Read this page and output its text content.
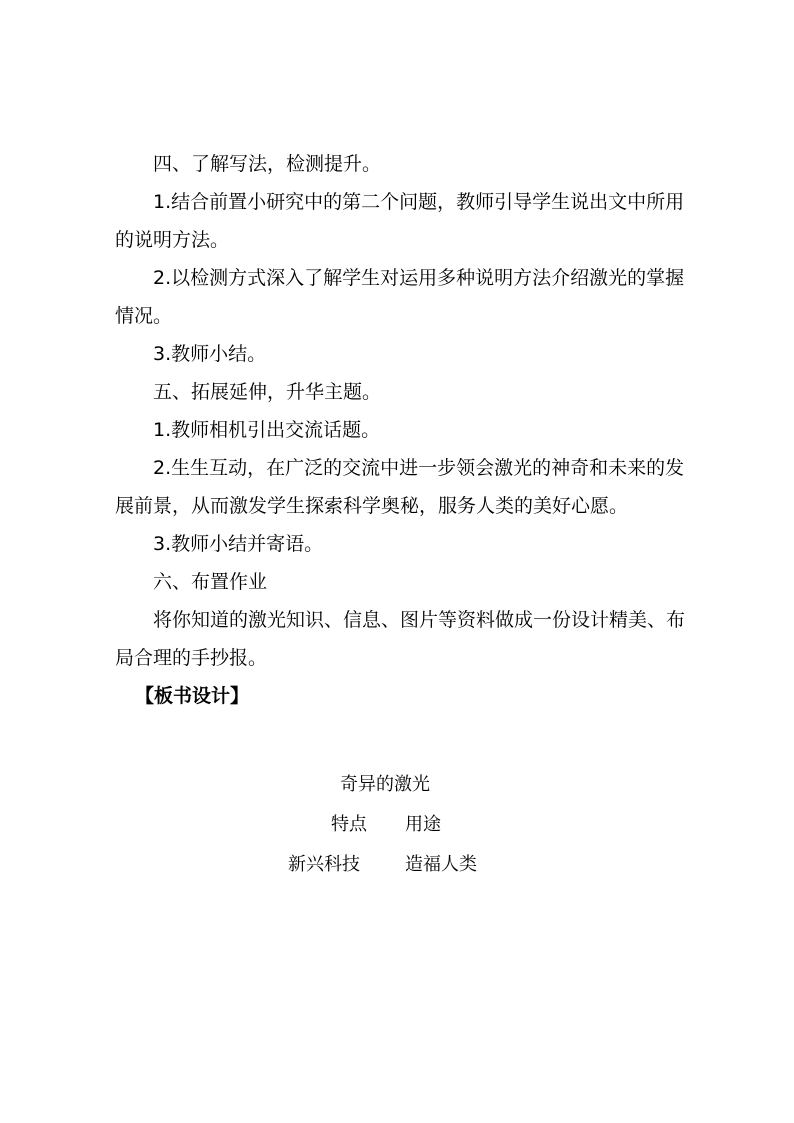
四、了解写法，检测提升。

1.结合前置小研究中的第二个问题，教师引导学生说出文中所用的说明方法。

2.以检测方式深入了解学生对运用多种说明方法介绍激光的掌握情况。

3.教师小结。

五、拓展延伸，升华主题。

1.教师相机引出交流话题。

2.生生互动，在广泛的交流中进一步领会激光的神奇和未来的发展前景，从而激发学生探索科学奥秘，服务人类的美好心愿。

3.教师小结并寄语。

六、布置作业

将你知道的激光知识、信息、图片等资料做成一份设计精美、布局合理的手抄报。

【板书设计】

奇异的激光
特点 用途
新兴科技	造福人类
